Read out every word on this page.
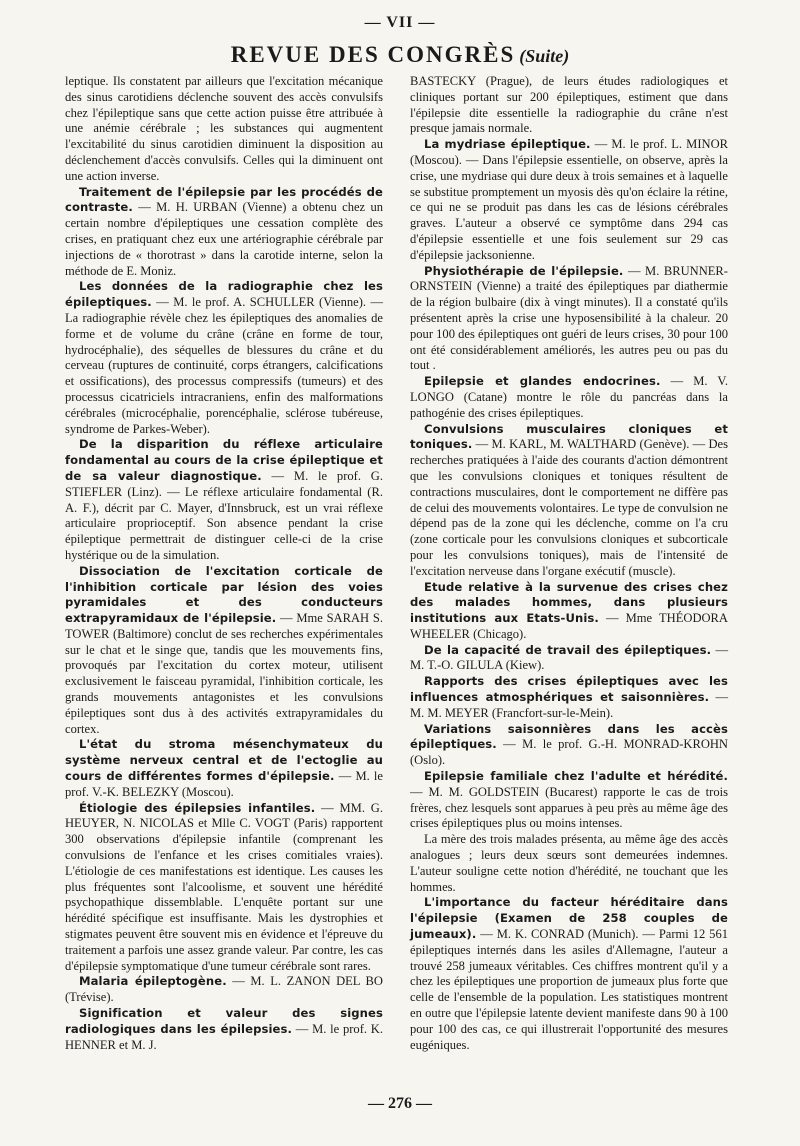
— VII —
REVUE DES CONGRÈS (Suite)

leptique. Ils constatent par ailleurs que l'excitation mécanique des sinus carotidiens déclenche souvent des accès convulsifs chez l'épileptique sans que cette action puisse être attribuée à une anémie cérébrale ; les substances qui augmentent l'excitabilité du sinus carotidien diminuent la disposition au déclenchement d'accès convulsifs. Celles qui la diminuent ont une action inverse.

Traitement de l'épilepsie par les procédés de contraste. — M. H. URBAN (Vienne) a obtenu chez un certain nombre d'épileptiques une cessation complète des crises, en pratiquant chez eux une artériographie cérébrale par injections de « thorotrast » dans la carotide interne, selon la méthode de E. Moniz.

Les données de la radiographie chez les épileptiques. — M. le prof. A. SCHULLER (Vienne). — La radiographie révèle chez les épileptiques des anomalies de forme et de volume du crâne (crâne en forme de tour, hydrocéphalie), des séquelles de blessures du crâne et du cerveau (ruptures de continuité, corps étrangers, calcifications et ossifications), des processus compressifs (tumeurs) et des processus cicatriciels intracraniens, enfin des malformations cérébrales (microcéphalie, porencéphalie, sclérose tubéreuse, syndrome de Parkes-Weber).

De la disparition du réflexe articulaire fondamental au cours de la crise épileptique et de sa valeur diagnostique. — M. le prof. G. STIEFLER (Linz). — Le réflexe articulaire fondamental (R. A. F.), décrit par C. Mayer, d'Innsbruck, est un vrai réflexe articulaire proprioceptif. Son absence pendant la crise épileptique permettrait de distinguer celle-ci de la crise hystérique ou de la simulation.

Dissociation de l'excitation corticale de l'inhibition corticale par lésion des voies pyramidales et des conducteurs extrapyramidaux de l'épilepsie. — Mme SARAH S. TOWER (Baltimore) conclut de ses recherches expérimentales sur le chat et le singe que, tandis que les mouvements fins, provoqués par l'excitation du cortex moteur, utilisent exclusivement le faisceau pyramidal, l'inhibition corticale, les grands mouvements antagonistes et les convulsions épileptiques sont dus à des activités extrapyramidales du cortex.

L'état du stroma mésenchymateux du système nerveux central et de l'ectoglie au cours de différentes formes d'épilepsie. — M. le prof. V.-K. BELEZKY (Moscou).

Étiologie des épilepsies infantiles. — MM. G. HEUYER, N. NICOLAS et Mlle C. VOGT (Paris) rapportent 300 observations d'épilepsie infantile (comprenant les convulsions de l'enfance et les crises comitiales vraies). L'étiologie de ces manifestations est identique. Les causes les plus fréquentes sont l'alcoolisme, et souvent une hérédité psychopathique dissemblable. L'enquête portant sur une hérédité spécifique est insuffisante. Mais les dystrophies et stigmates peuvent être souvent mis en évidence et l'épreuve du traitement a parfois une assez grande valeur. Par contre, les cas d'épilepsie symptomatique d'une tumeur cérébrale sont rares.

Malaria épileptogène. — M. L. ZANON DEL BO (Trévise).

Signification et valeur des signes radiologiques dans les épilepsies. — M. le prof. K. HENNER et M. J.

BASTECKY (Prague), de leurs études radiologiques et cliniques portant sur 200 épileptiques, estiment que dans l'épilepsie dite essentielle la radiographie du crâne n'est presque jamais normale.

La mydriase épileptique. — M. le prof. L. MINOR (Moscou). — Dans l'épilepsie essentielle, on observe, après la crise, une mydriase qui dure deux à trois semaines et à laquelle se substitue promptement un myosis dès qu'on éclaire la rétine, ce qui ne se produit pas dans les cas de lésions cérébrales graves. L'auteur a observé ce symptôme dans 294 cas d'épilepsie essentielle et une fois seulement sur 29 cas d'épilepsie jacksonienne.

Physiothérapie de l'épilepsie. — M. BRUNNER-ORNSTEIN (Vienne) a traité des épileptiques par diathermie de la région bulbaire (dix à vingt minutes). Il a constaté qu'ils présentent après la crise une hyposensibilité à la chaleur. 20 pour 100 des épileptiques ont guéri de leurs crises, 30 pour 100 ont été considérablement améliorés, les autres peu ou pas du tout .

Epilepsie et glandes endocrines. — M. V. LONGO (Catane) montre le rôle du pancréas dans la pathogénie des crises épileptiques.

Convulsions musculaires cloniques et toniques. — M. KARL, M. WALTHARD (Genève). — Des recherches pratiquées à l'aide des courants d'action démontrent que les convulsions cloniques et toniques résultent de contractions musculaires, dont le comportement ne diffère pas de celui des mouvements volontaires. Le type de convulsion ne dépend pas de la zone qui les déclenche, comme on l'a cru (zone corticale pour les convulsions cloniques et subcorticale pour les convulsions toniques), mais de l'intensité de l'excitation nerveuse dans l'organe exécutif (muscle).

Etude relative à la survenue des crises chez des malades hommes, dans plusieurs institutions aux Etats-Unis. — Mme THÉODORA WHEELER (Chicago).

De la capacité de travail des épileptiques. — M. T.-O. GILULA (Kiew).

Rapports des crises épileptiques avec les influences atmosphériques et saisonnières. — M. M. MEYER (Francfort-sur-le-Mein).

Variations saisonnières dans les accès épileptiques. — M. le prof. G.-H. MONRAD-KROHN (Oslo).

Epilepsie familiale chez l'adulte et hérédité. — M. M. GOLDSTEIN (Bucarest) rapporte le cas de trois frères, chez lesquels sont apparues à peu près au même âge des crises épileptiques plus ou moins intenses.

La mère des trois malades présenta, au même âge des accès analogues ; leurs deux sœurs sont demeurées indemnes. L'auteur souligne cette notion d'hérédité, ne touchant que les hommes.

L'importance du facteur héréditaire dans l'épilepsie (Examen de 258 couples de jumeaux). — M. K. CONRAD (Munich). — Parmi 12 561 épileptiques internés dans les asiles d'Allemagne, l'auteur a trouvé 258 jumeaux véritables. Ces chiffres montrent qu'il y a chez les épileptiques une proportion de jumeaux plus forte que celle de l'ensemble de la population. Les statistiques montrent en outre que l'épilepsie latente devient manifeste dans 90 à 100 pour 100 des cas, ce qui illustrerait l'opportunité des mesures eugéniques.

— 276 —
